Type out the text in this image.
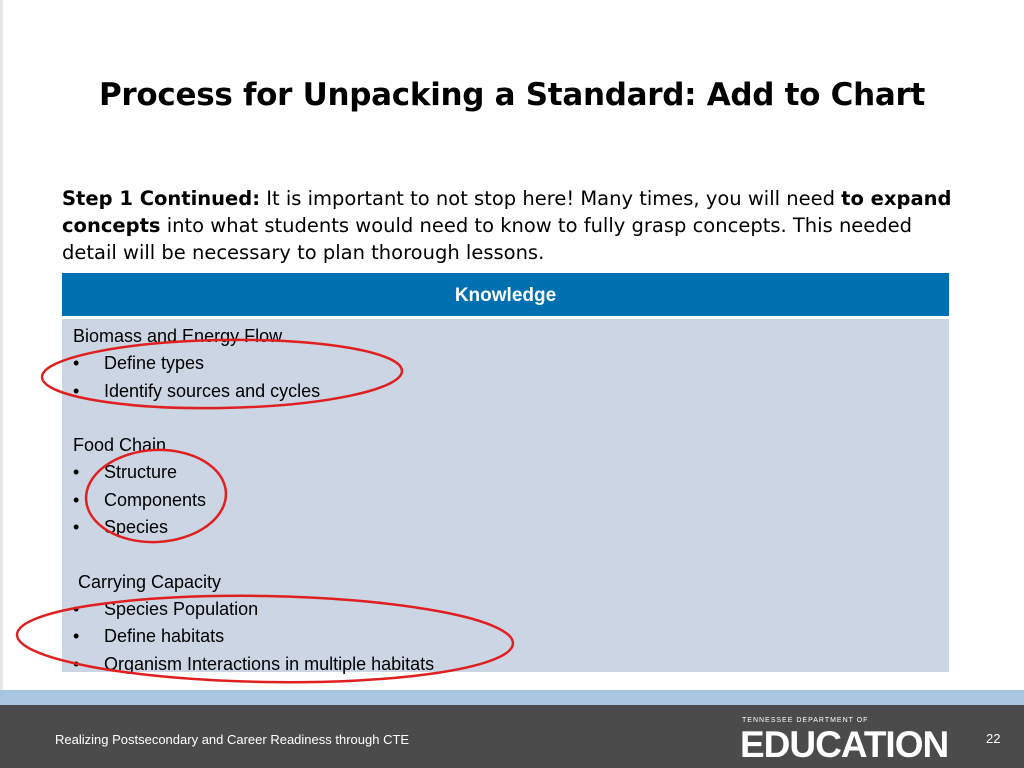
Process for Unpacking a Standard: Add to Chart
Step 1 Continued: It is important to not stop here! Many times, you will need to expand concepts into what students would need to know to fully grasp concepts. This needed detail will be necessary to plan thorough lessons.
Knowledge
Biomass and Energy Flow
• Define types
• Identify sources and cycles
Food Chain
• Structure
• Components
• Species
Carrying Capacity
• Species Population
• Define habitats
• Organism Interactions in multiple habitats
Realizing Postsecondary and Career Readiness through CTE
TENNESSEE DEPARTMENT OF
EDUCATION	22
